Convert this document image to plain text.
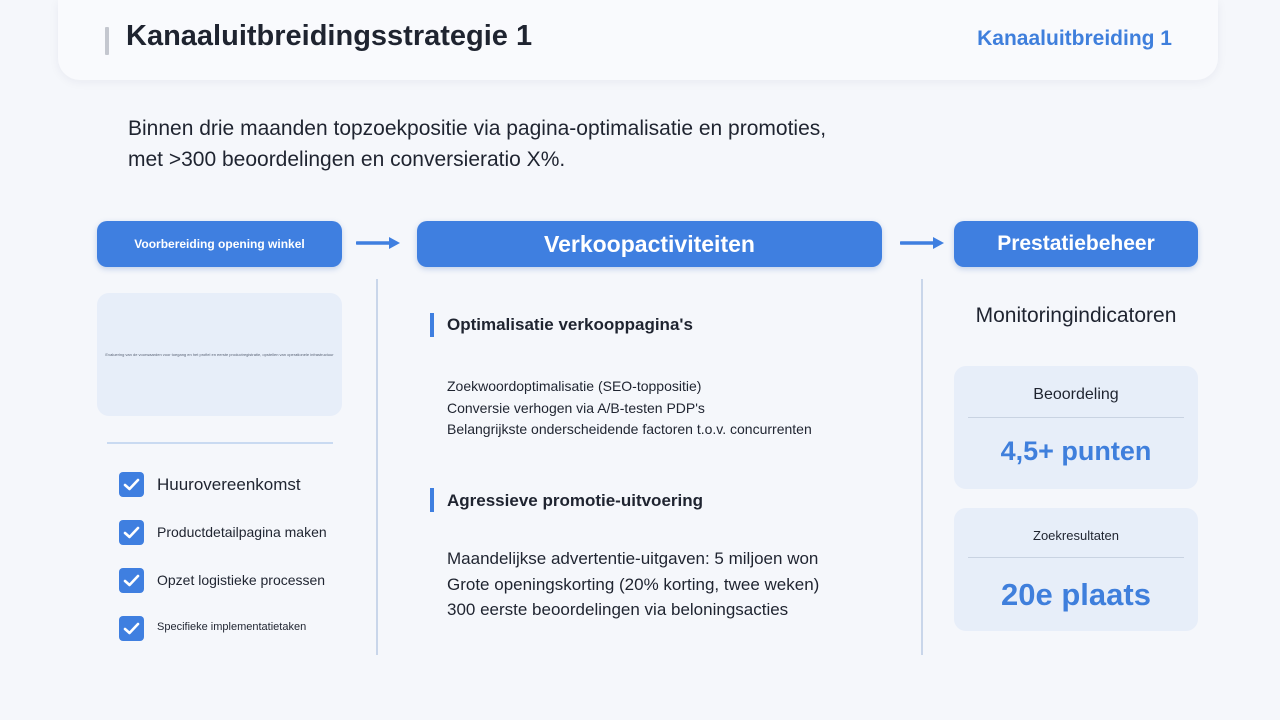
Kanaaluitbreidingsstrategie 1	Kanaaluitbreiding 1
Binnen drie maanden topzoekpositie via pagina-optimalisatie en promoties,
met >300 beoordelingen en conversieratio X%.
Voorbereiding opening winkel	Verkoopactiviteiten	Prestatiebeheer
Evaluering van de voorwaarden voor toegang en het profiel en eerste productregistratie, opstellen van operationele infrastructuur
Huurovereenkomst
Productdetailpagina maken
Opzet logistieke processen
Specifieke implementatietaken
Optimalisatie verkooppagina's
Zoekwoordoptimalisatie (SEO-toppositie)
Conversie verhogen via A/B-testen PDP's
Belangrijkste onderscheidende factoren t.o.v. concurrenten
Agressieve promotie-uitvoering
Maandelijkse advertentie-uitgaven: 5 miljoen won
Grote openingskorting (20% korting, twee weken)
300 eerste beoordelingen via beloningsacties
Monitoringindicatoren
Beoordeling
4,5+ punten
Zoekresultaten
20e plaats
